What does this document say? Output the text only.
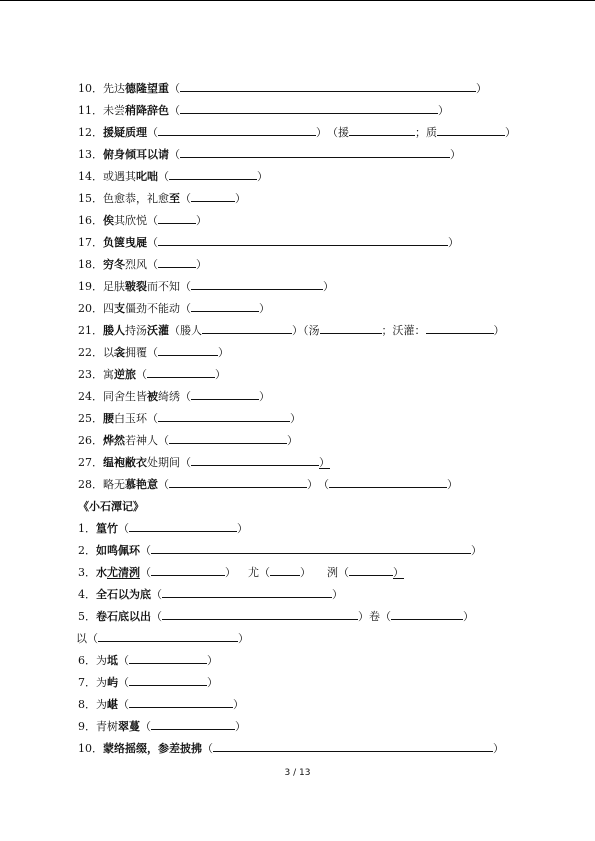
10． 先达 德隆望重 （	）
11． 未尝 稍降辞色 （	）
12． 援疑质理 （	） （援	；质	）
13． 俯身倾耳以请 （	）
14． 或遇其 叱咄 （	）
15． 色愈恭，礼愈 至 （	）
16． 俟 其欣悦 （	）
17． 负箧曳屣 （	）
18． 穷冬 烈风 （	）
19． 足肤 皲裂 而不知 （	）
20． 四 支 僵劲不能动 （	）
21． 媵人 持汤 沃灌 （媵人	）（汤	；沃灌：	）
22． 以 衾 拥覆 （	）
23． 寓 逆旅 （	）
24． 同舍生皆 被 绮绣 （	）
25． 腰 白玉环 （	）
26． 烨然 若神人 （	）
27． 缊袍敝衣 处期间 （	）
28． 略无 慕艳意 （	） （	）
《小石潭记》
1． 篁竹 （	）
2． 如鸣佩环 （	）
3． 水 尤清洌 （	） 尤（	） 洌（	）
4． 全石以为底 （	）
5． 卷石底以出 （	） 卷（	）
以 （	）
6． 为 坻 （	）
7． 为 屿 （	）
8． 为 嵁 （	）
9． 青树 翠蔓 （	）
10． 蒙络摇缀，参差披拂 （	）
3 / 13
